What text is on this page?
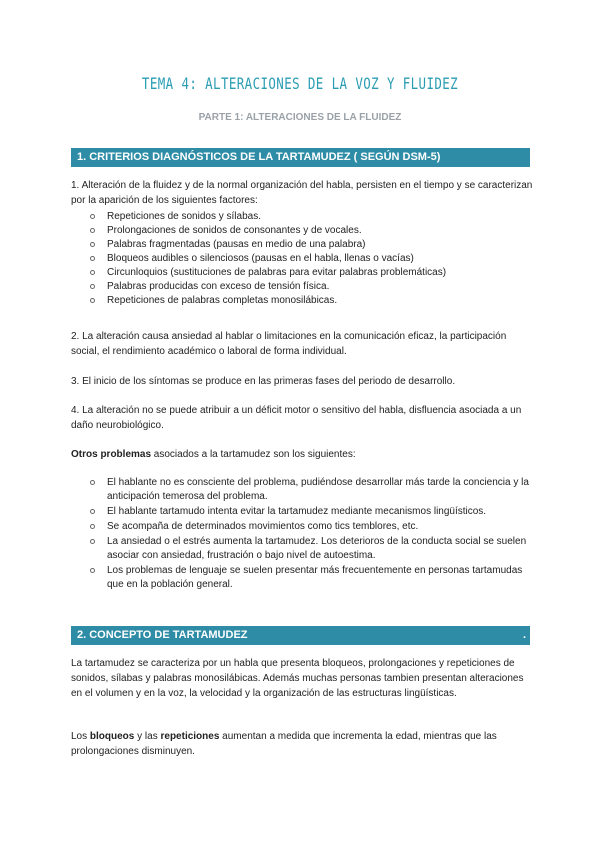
TEMA 4: ALTERACIONES DE LA VOZ Y FLUIDEZ
PARTE 1: ALTERACIONES DE LA FLUIDEZ
1. CRITERIOS DIAGNÓSTICOS DE LA TARTAMUDEZ ( SEGÚN DSM-5)
1. Alteración de la fluidez y de la normal organización del habla, persisten en el tiempo y se caracterizan por la aparición de los siguientes factores:
Repeticiones de sonidos y sílabas.
Prolongaciones de sonidos de consonantes y de vocales.
Palabras fragmentadas (pausas en medio de una palabra)
Bloqueos audibles o silenciosos (pausas en el habla, llenas o vacías)
Circunloquios (sustituciones de palabras para evitar palabras problemáticas)
Palabras producidas con exceso de tensión física.
Repeticiones de palabras completas monosilábicas.
2. La alteración causa ansiedad al hablar o limitaciones en la comunicación eficaz, la participación social, el rendimiento académico o laboral de forma individual.
3. El inicio de los síntomas se produce en las primeras fases del periodo de desarrollo.
4. La alteración no se puede atribuir a un déficit motor o sensitivo del habla, disfluencia asociada a un daño neurobiológico.
Otros problemas asociados a la tartamudez son los siguientes:
El hablante no es consciente del problema, pudiéndose desarrollar más tarde la conciencia y la anticipación temerosa del problema.
El hablante tartamudo intenta evitar la tartamudez mediante mecanismos lingüísticos.
Se acompaña de determinados movimientos como tics temblores, etc.
La ansiedad o el estrés aumenta la tartamudez. Los deterioros de la conducta social se suelen asociar con ansiedad, frustración o bajo nivel de autoestima.
Los problemas de lenguaje se suelen presentar más frecuentemente en personas tartamudas que en la población general.
2. CONCEPTO DE TARTAMUDEZ	.
La tartamudez se caracteriza por un habla que presenta bloqueos, prolongaciones y repeticiones de sonidos, sílabas y palabras monosilábicas. Además muchas personas tambien presentan alteraciones en el volumen y en la voz, la velocidad y la organización de las estructuras lingüísticas.
Los bloqueos y las repeticiones aumentan a medida que incrementa la edad, mientras que las prolongaciones disminuyen.
